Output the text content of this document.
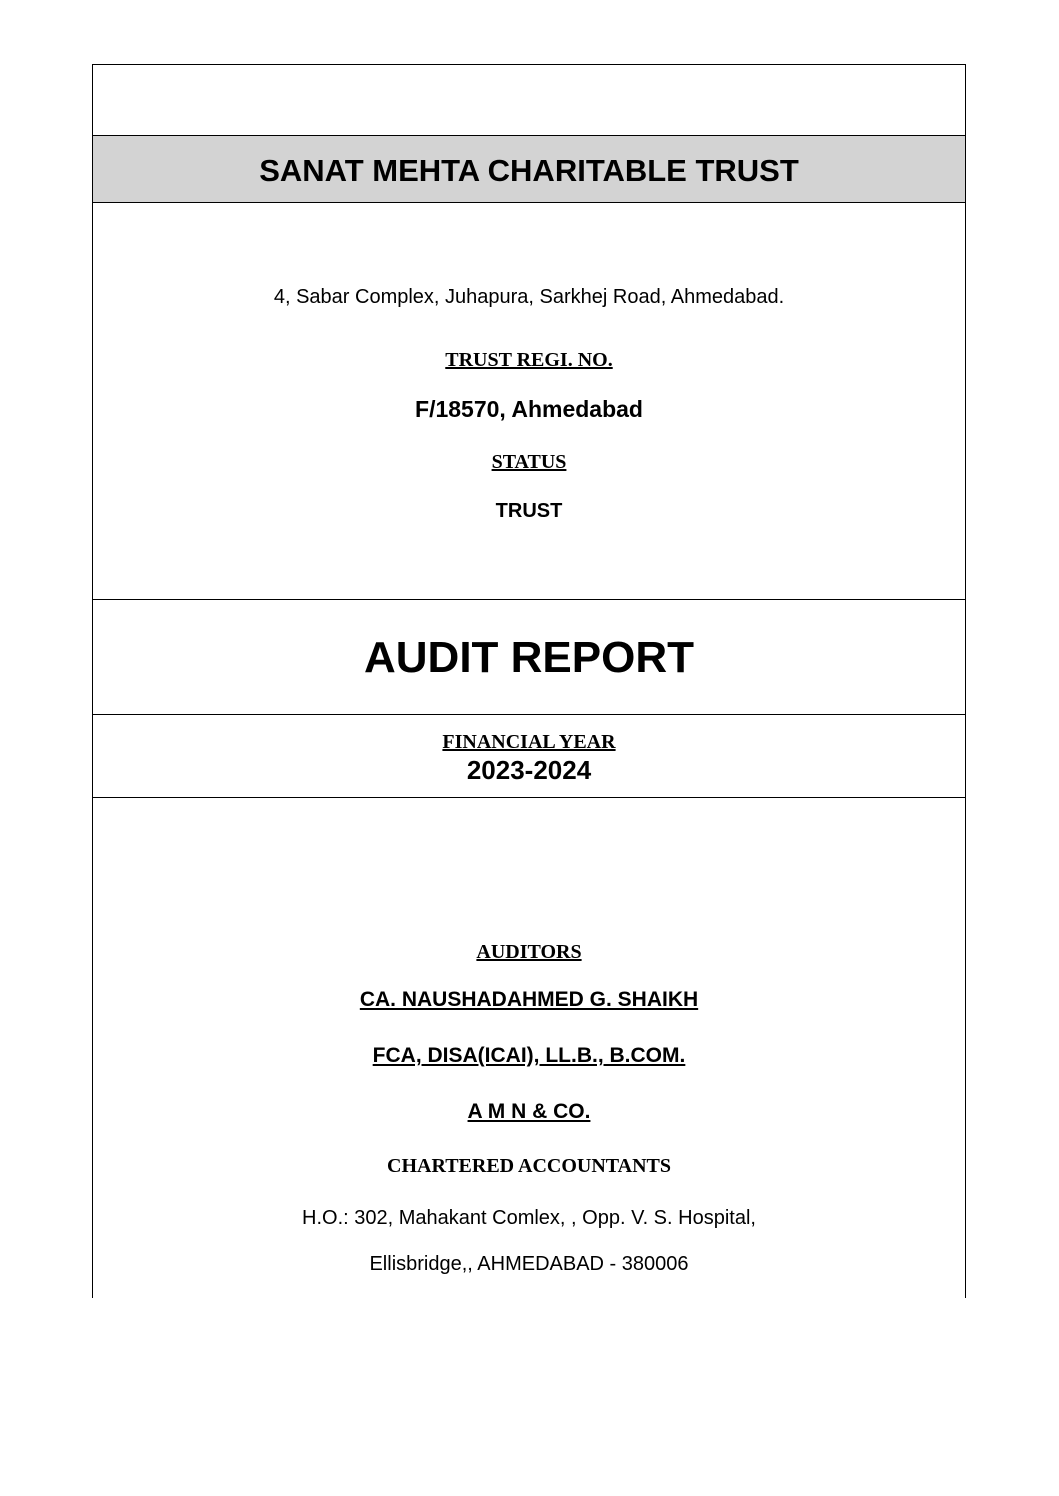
SANAT MEHTA CHARITABLE TRUST
4, Sabar Complex, Juhapura, Sarkhej Road, Ahmedabad.
TRUST REGI. NO.
F/18570, Ahmedabad
STATUS
TRUST
AUDIT REPORT
FINANCIAL YEAR
2023-2024
AUDITORS
CA. NAUSHADAHMED G. SHAIKH
FCA, DISA(ICAI), LL.B., B.COM.
A M N & CO.
CHARTERED ACCOUNTANTS
H.O.: 302, Mahakant Comlex, , Opp. V. S. Hospital,
Ellisbridge,, AHMEDABAD - 380006
